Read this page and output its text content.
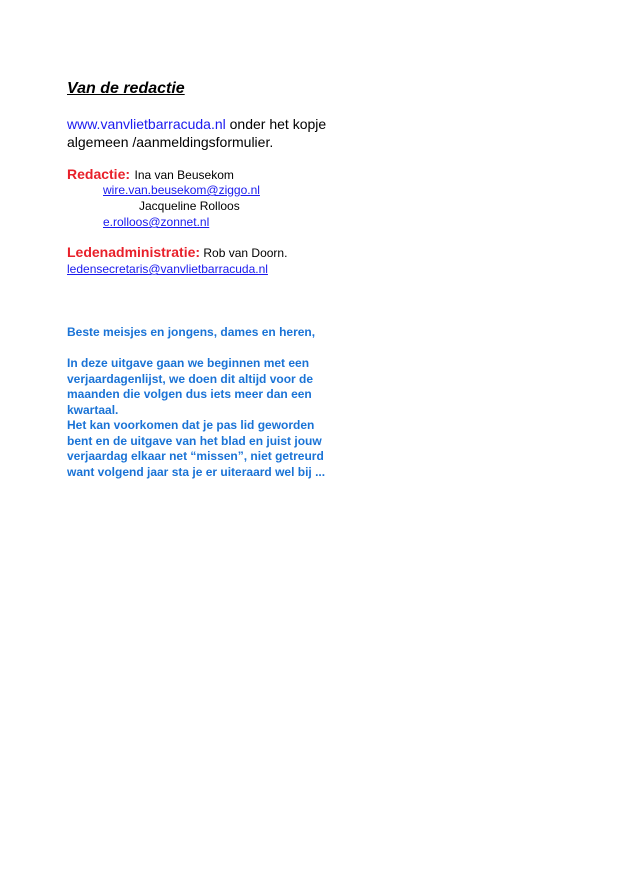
Van de redactie
www.vanvlietbarracuda.nl onder het kopje
algemeen /aanmeldingsformulier.
Redactie: Ina van Beusekom
wire.van.beusekom@ziggo.nl
Jacqueline Rolloos
e.rolloos@zonnet.nl
Ledenadministratie: Rob van Doorn.
ledensecretaris@vanvlietbarracuda.nl
Beste meisjes en jongens, dames en heren,
In deze uitgave gaan we beginnen met een
verjaardagenlijst, we doen dit altijd voor de
maanden die volgen dus iets meer dan een
kwartaal.
Het kan voorkomen dat je pas lid geworden
bent en de uitgave van het blad en juist jouw
verjaardag elkaar net “missen”, niet getreurd
want volgend jaar sta je er uiteraard wel bij ...
